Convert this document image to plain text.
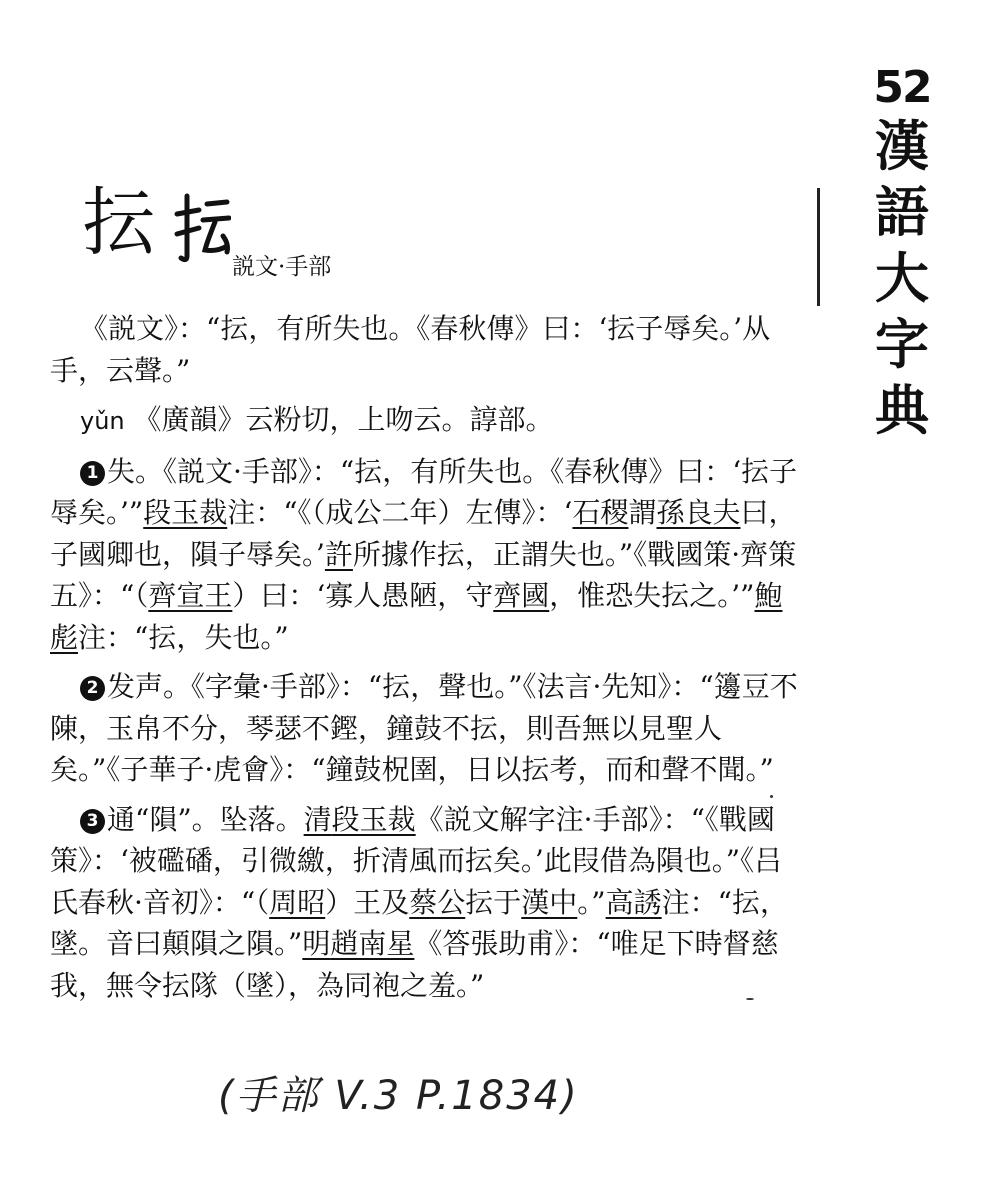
52
漢
語
大
字
典
抎
説文·手部

《説文》：“抎，有所失也。《春秋傳》曰：‘抎子辱矣。’从手，云聲。”

yǔn 《廣韻》云粉切，上吻云。諄部。

1 失。《説文·手部》：“抎，有所失也。《春秋傳》曰：‘抎子辱矣。’”段玉裁注：“《（成公二年）左傳》：‘石稷謂孫良夫曰，子國卿也，隕子辱矣。’許所據作抎，正謂失也。”《戰國策·齊策五》：“（齊宣王）曰：‘寡人愚陋，守齊國，惟恐失抎之。’”鮑彪注：“抎，失也。”

2 发声。《字彙·手部》：“抎，聲也。”《法言·先知》：“籩豆不陳，玉帛不分，琴瑟不鏗，鐘鼓不抎，則吾無以見聖人矣。”《子華子·虎會》：“鐘鼓柷圉，日以抎考，而和聲不聞。”

3 通“隕”。坠落。清段玉裁《説文解字注·手部》：“《戰國策》：‘被礛磻，引微繳，折清風而抎矣。’此叚借為隕也。”《吕氏春秋·音初》：“（周昭）王及蔡公抎于漢中。”高誘注：“抎，墜。音曰顛隕之隕。”明趙南星《答張助甫》：“唯足下時督慈我，無令抎隊（墜），為同袍之羞。”

(手部 V.3 P.1834)
